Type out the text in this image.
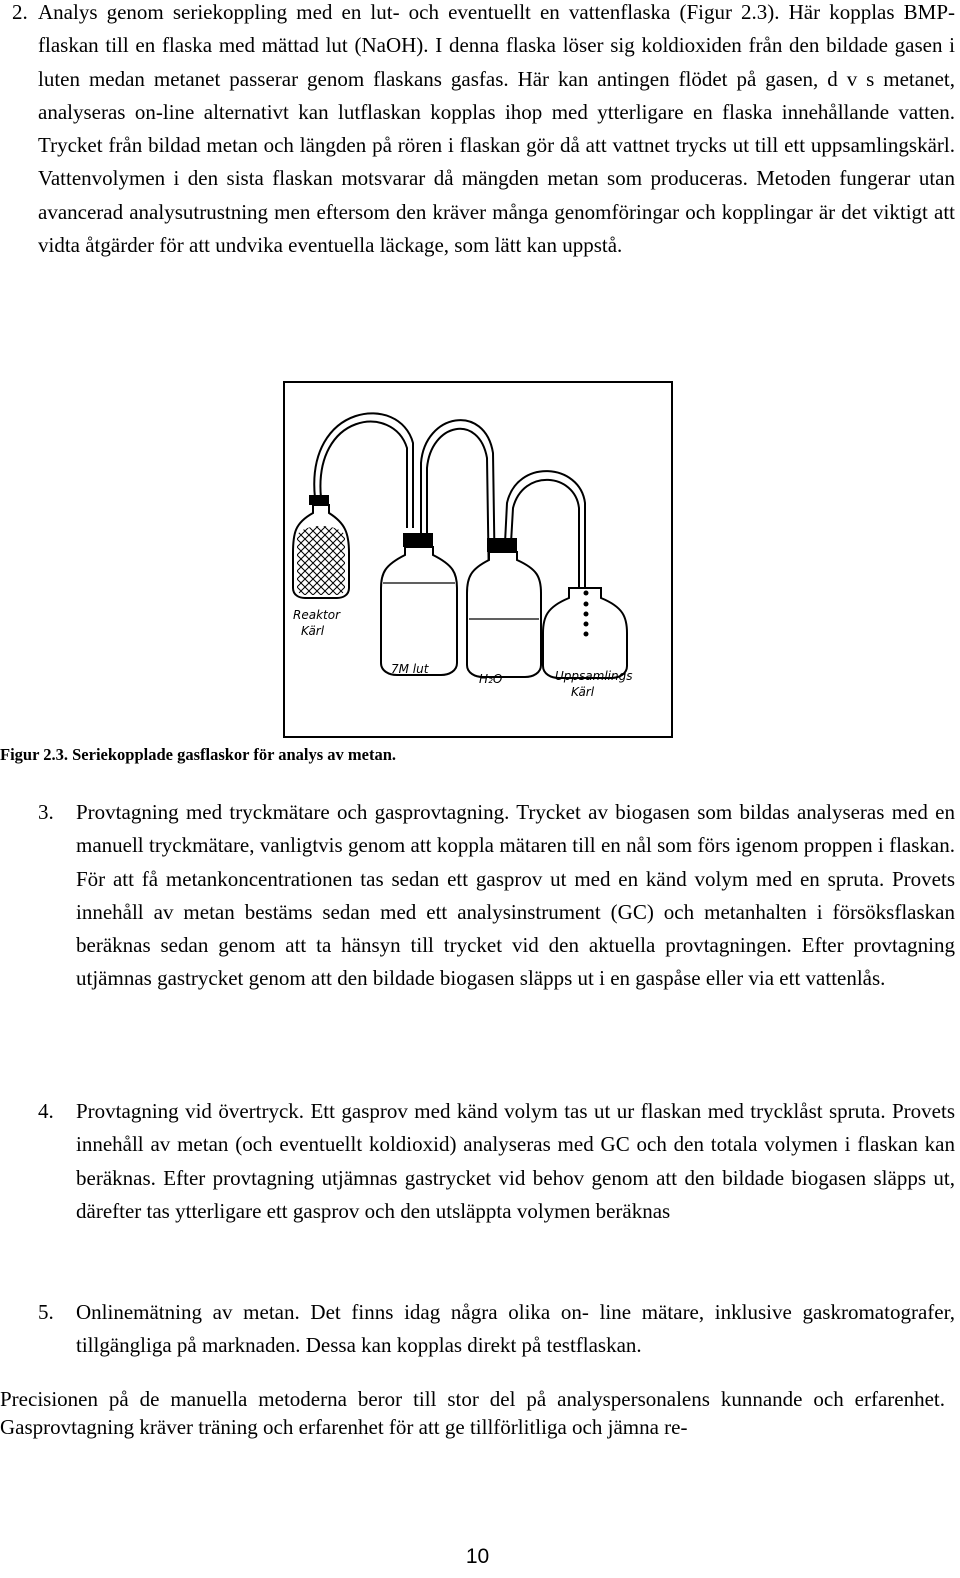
2. Analys genom seriekoppling med en lut- och eventuellt en vattenflaska (Figur 2.3). Här kopplas BMP-flaskan till en flaska med mättad lut (NaOH). I denna flaska löser sig koldioxiden från den bildade gasen i luten medan metanet passerar genom flaskans gasfas. Här kan antingen flödet på gasen, d v s metanet, analyseras on-line alternativt kan lutflaskan kopplas ihop med ytterligare en flaska innehållande vatten. Trycket från bildad metan och längden på rören i flaskan gör då att vattnet trycks ut till ett uppsamlingskärl. Vattenvolymen i den sista flaskan motsvarar då mängden metan som produceras. Metoden fungerar utan avancerad analysutrustning men eftersom den kräver många genomföringar och kopplingar är det viktigt att vidta åtgärder för att undvika eventuella läckage, som lätt kan uppstå.
Reaktor
Kärl
7M lut
H₂O	Uppsamlings
Kärl
Figur 2.3. Seriekopplade gasflaskor för analys av metan.
3. Provtagning med tryckmätare och gasprovtagning. Trycket av biogasen som bildas analyseras med en manuell tryckmätare, vanligtvis genom att koppla mätaren till en nål som förs igenom proppen i flaskan. För att få metankoncentrationen tas sedan ett gasprov ut med en känd volym med en spruta. Provets innehåll av metan bestäms sedan med ett analysinstrument (GC) och metanhalten i försöksflaskan beräknas sedan genom att ta hänsyn till trycket vid den aktuella provtagningen. Efter provtagning utjämnas gastrycket genom att den bildade biogasen släpps ut i en gaspåse eller via ett vattenlås.
4. Provtagning vid övertryck. Ett gasprov med känd volym tas ut ur flaskan med trycklåst spruta. Provets innehåll av metan (och eventuellt koldioxid) analyseras med GC och den totala volymen i flaskan kan beräknas. Efter provtagning utjämnas gastrycket vid behov genom att den bildade biogasen släpps ut, därefter tas ytterligare ett gasprov och den utsläppta volymen beräknas
5. Onlinemätning av metan. Det finns idag några olika on- line mätare, inklusive gaskromatografer, tillgängliga på marknaden. Dessa kan kopplas direkt på testflaskan.
Precisionen på de manuella metoderna beror till stor del på analyspersonalens kunnande och erfarenhet. Gasprovtagning kräver träning och erfarenhet för att ge tillförlitliga och jämna re-
10
